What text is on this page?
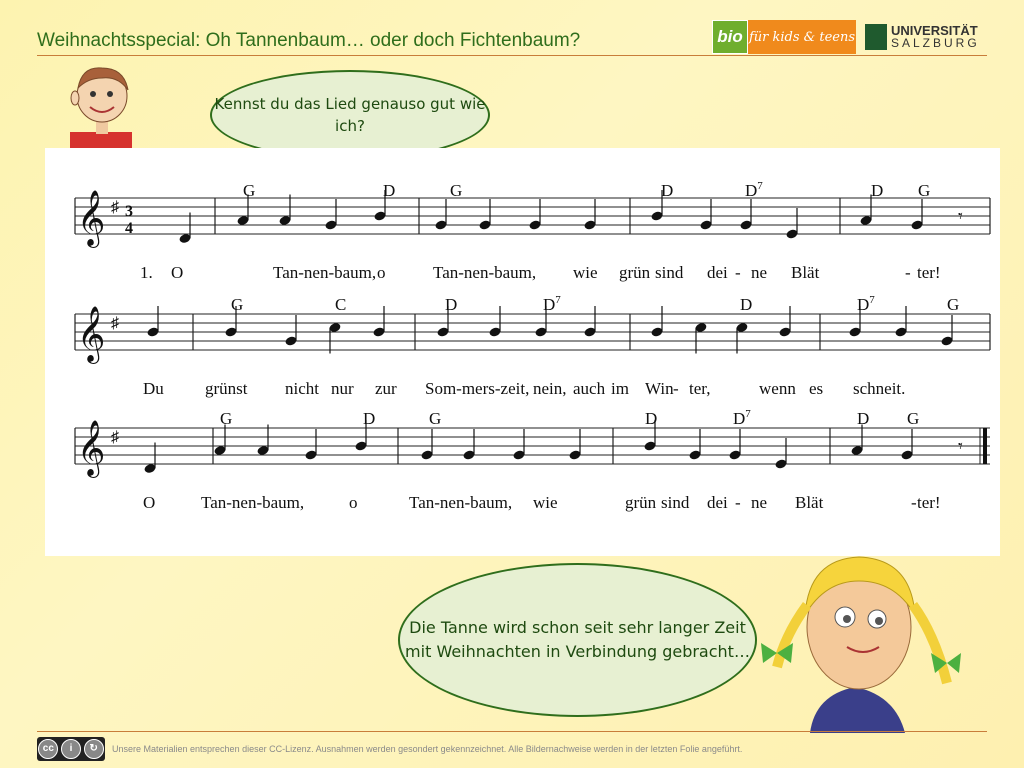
Weihnachtsspecial: Oh Tannenbaum… oder doch Fichtenbaum?	bio für kids & teens	UNIVERSITÄT
SALZBURG
Kennst du das Lied genauso gut wie ich?
Die Tanne wird schon seit sehr langer Zeit mit Weihnachten in Verbindung gebracht…
𝄞 ♯ 3
4
𝄾
G	D	G	D	$D^7$	D G
1. O	Tan-nen-baum, o	Tan-nen-baum, wie grün sind dei - ne Blät	- ter!
𝄞 ♯
G	C	D	$D^7$	D	$D^7$	G
Du grünst nicht nur zur Som-mers-zeit, nein, auch im Win - ter,	wenn es schneit.
𝄞 ♯	𝄾
G	D	G	D	$D^7$	D G
O	Tan-nen-baum,	o	Tan-nen-baum, wie	grün sind dei - ne Blät	- ter!
cc	i	↻	Unsere Materialien entsprechen dieser CC-Lizenz. Ausnahmen werden gesondert gekennzeichnet. Alle Bildernachweise werden in der letzten Folie angeführt.
